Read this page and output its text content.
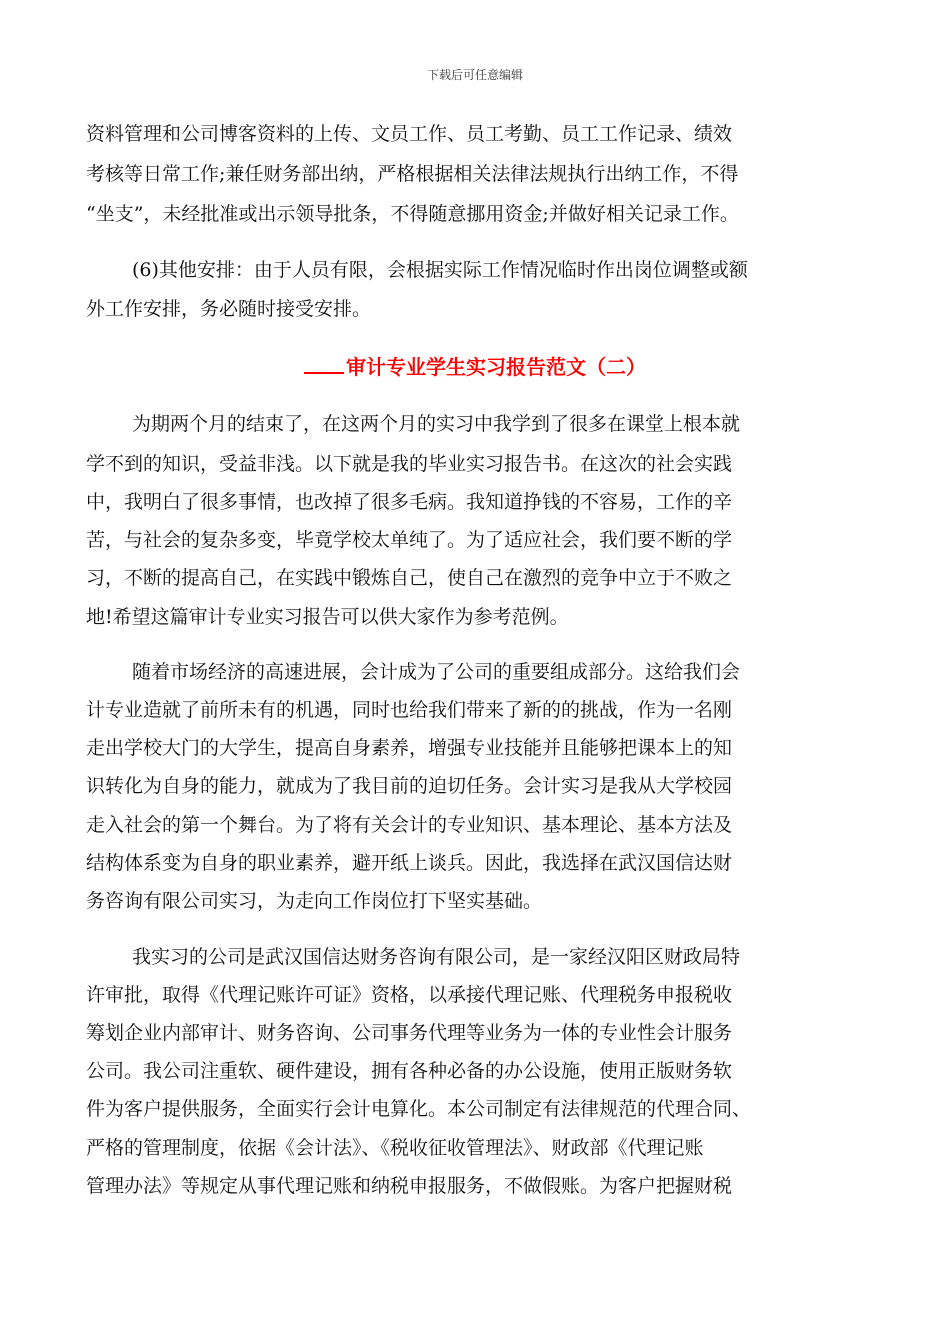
下载后可任意编辑
资料管理和公司博客资料的上传、文员工作、员工考勤、员工工作记录、绩效
考核等日常工作;兼任财务部出纳，严格根据相关法律法规执行出纳工作，不得
“坐支”，未经批准或出示领导批条，不得随意挪用资金;并做好相关记录工作。
(6)其他安排：由于人员有限，会根据实际工作情况临时作出岗位调整或额
外工作安排，务必随时接受安排。
审计专业学生实习报告范文（二）
为期两个月的结束了，在这两个月的实习中我学到了很多在课堂上根本就
学不到的知识，受益非浅。以下就是我的毕业实习报告书。在这次的社会实践
中，我明白了很多事情，也改掉了很多毛病。我知道挣钱的不容易，工作的辛
苦，与社会的复杂多变，毕竟学校太单纯了。为了适应社会，我们要不断的学
习，不断的提高自己，在实践中锻炼自己，使自己在激烈的竞争中立于不败之
地!希望这篇审计专业实习报告可以供大家作为参考范例。
随着市场经济的高速进展，会计成为了公司的重要组成部分。这给我们会
计专业造就了前所未有的机遇，同时也给我们带来了新的的挑战，作为一名刚
走出学校大门的大学生，提高自身素养，增强专业技能并且能够把课本上的知
识转化为自身的能力，就成为了我目前的迫切任务。会计实习是我从大学校园
走入社会的第一个舞台。为了将有关会计的专业知识、基本理论、基本方法及
结构体系变为自身的职业素养，避开纸上谈兵。因此，我选择在武汉国信达财
务咨询有限公司实习，为走向工作岗位打下坚实基础。
我实习的公司是武汉国信达财务咨询有限公司，是一家经汉阳区财政局特
许审批，取得《代理记账许可证》资格，以承接代理记账、代理税务申报税收
筹划企业内部审计、财务咨询、公司事务代理等业务为一体的专业性会计服务
公司。我公司注重软、硬件建设，拥有各种必备的办公设施，使用正版财务软
件为客户提供服务，全面实行会计电算化。本公司制定有法律规范的代理合同、
严格的管理制度，依据《会计法》、《税收征收管理法》、财政部《代理记账
管理办法》等规定从事代理记账和纳税申报服务，不做假账。为客户把握财税
